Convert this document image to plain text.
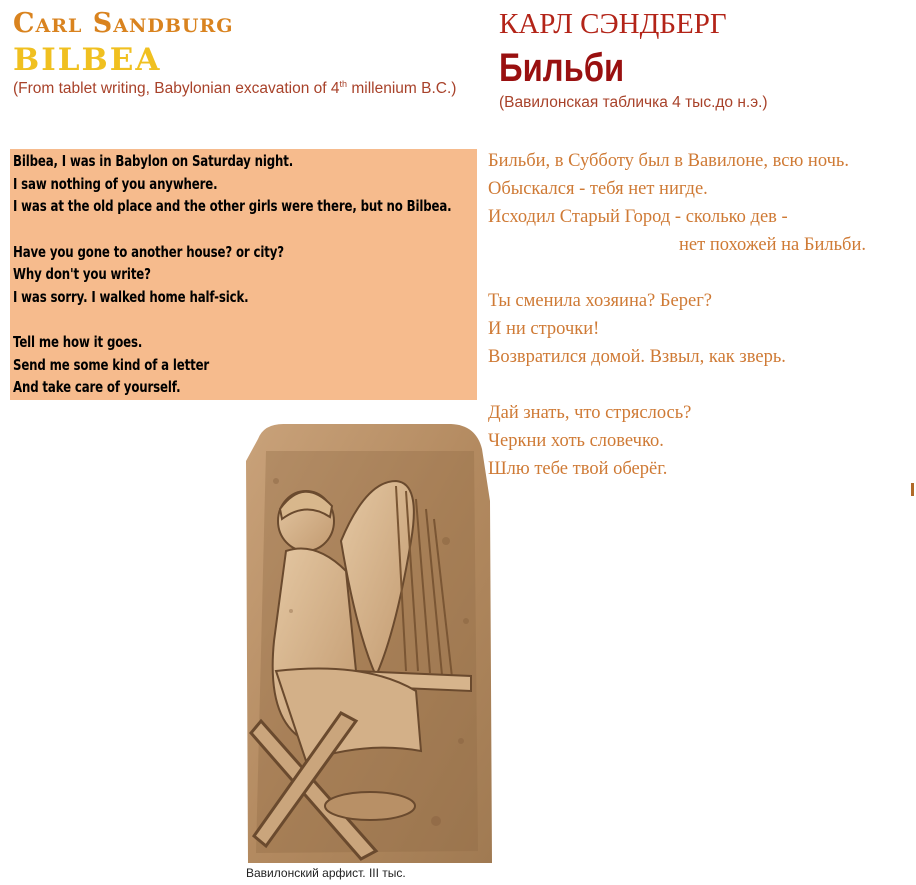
Carl Sandburg
BILBEA
(From tablet writing, Babylonian excavation of 4th millenium B.C.)
КАРЛ СЭНДБЕРГ
Бильби
(Вавилонская табличка 4 тыс.до н.э.)
Bilbea, I was in Babylon on Saturday night.
I saw nothing of you anywhere.
I was at the old place and the other girls were there, but no Bilbea.
Have you gone to another house? or city?
Why don't you write?
I was sorry. I walked home half-sick.
Tell me how it goes.
Send me some kind of a letter
And take care of yourself.
Бильби, в Субботу был в Вавилоне, всю ночь.
Обыскался - тебя нет нигде.
Исходил Старый Город - сколько дев -
нет похожей на Бильби.
Ты сменила хозяина? Берег?
И ни строчки!
Возвратился домой. Взвыл, как зверь.
Дай знать, что стряслось?
Черкни хоть словечко.
Шлю тебе твой оберёг.
Вавилонский арфист. III тыс.
